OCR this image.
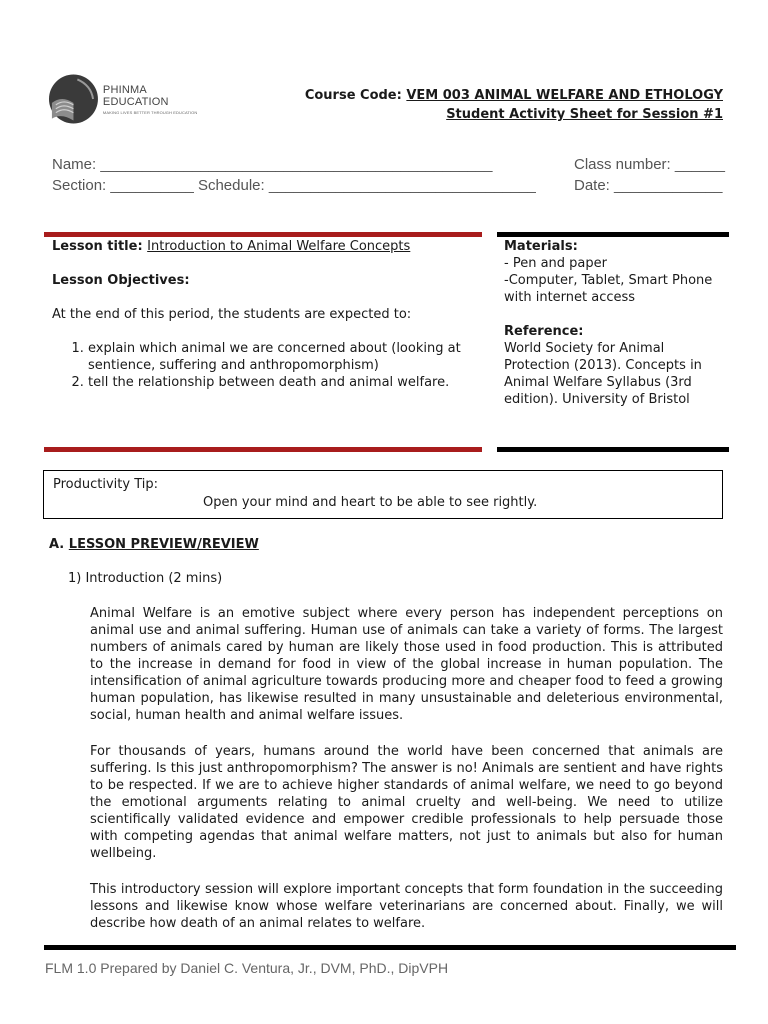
PHINMA EDUCATION
MAKING LIVES BETTER THROUGH EDUCATION
Course Code: VEM 003 ANIMAL WELFARE AND ETHOLOGY
Student Activity Sheet for Session #1
Name: _______________________________________________
Section: __________ Schedule: ________________________________
Class number: ______
Date: _____________
Lesson title: Introduction to Animal Welfare Concepts
Lesson Objectives:
At the end of this period, the students are expected to:
1. explain which animal we are concerned about (looking at sentience, suffering and anthropomorphism)
2. tell the relationship between death and animal welfare.
Materials:
- Pen and paper
-Computer, Tablet, Smart Phone with internet access
Reference:
World Society for Animal Protection (2013). Concepts in Animal Welfare Syllabus (3rd edition). University of Bristol
Productivity Tip:
Open your mind and heart to be able to see rightly.
A. LESSON PREVIEW/REVIEW
1) Introduction (2 mins)
Animal Welfare is an emotive subject where every person has independent perceptions on animal use and animal suffering. Human use of animals can take a variety of forms. The largest numbers of animals cared by human are likely those used in food production. This is attributed to the increase in demand for food in view of the global increase in human population. The intensification of animal agriculture towards producing more and cheaper food to feed a growing human population, has likewise resulted in many unsustainable and deleterious environmental, social, human health and animal welfare issues.
For thousands of years, humans around the world have been concerned that animals are suffering. Is this just anthropomorphism? The answer is no! Animals are sentient and have rights to be respected. If we are to achieve higher standards of animal welfare, we need to go beyond the emotional arguments relating to animal cruelty and well-being. We need to utilize scientifically validated evidence and empower credible professionals to help persuade those with competing agendas that animal welfare matters, not just to animals but also for human wellbeing.
This introductory session will explore important concepts that form foundation in the succeeding lessons and likewise know whose welfare veterinarians are concerned about. Finally, we will describe how death of an animal relates to welfare.
FLM 1.0 Prepared by Daniel C. Ventura, Jr., DVM, PhD., DipVPH
